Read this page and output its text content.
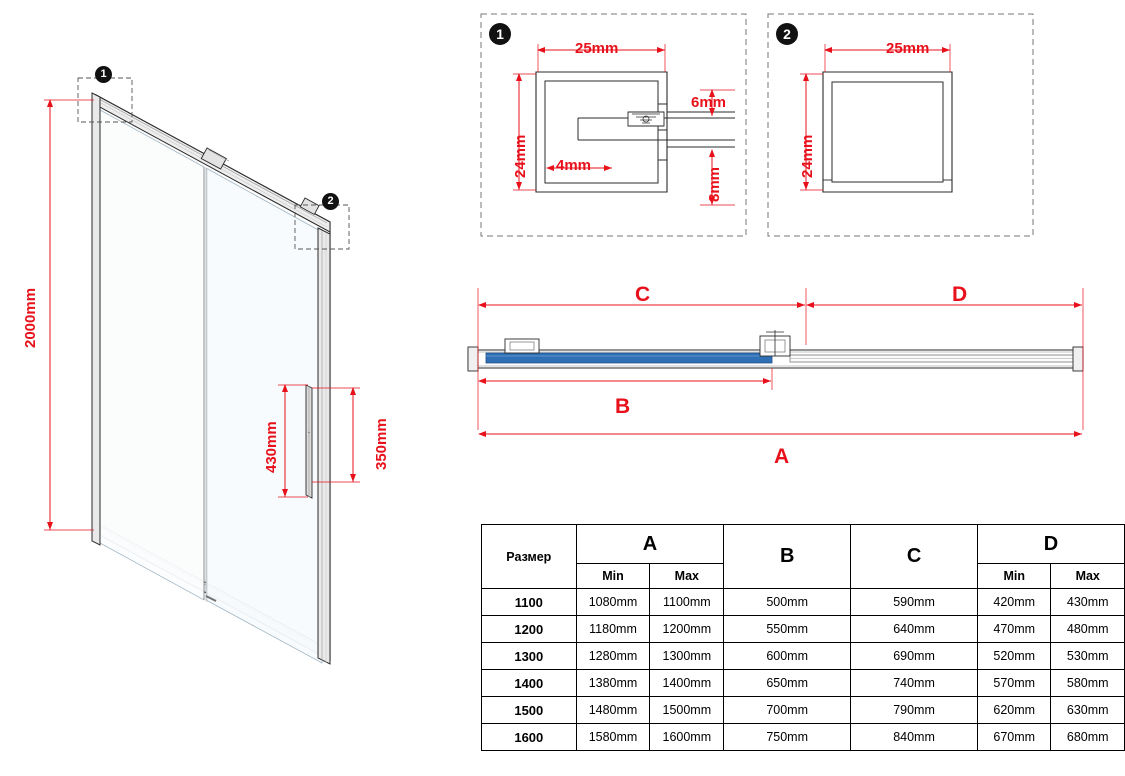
2000mm
430mm	350mm
1
2
1
25mm
24mm 4mm
6mm
8mm
2
25mm
24mm
C	D
B
A
Размер	A		B	C	D	
	Min	Max			Min	Max
1100	1080mm	1100mm	500mm	590mm	420mm	430mm
1200	1180mm	1200mm	550mm	640mm	470mm	480mm
1300	1280mm	1300mm	600mm	690mm	520mm	530mm
1400	1380mm	1400mm	650mm	740mm	570mm	580mm
1500	1480mm	1500mm	700mm	790mm	620mm	630mm
1600	1580mm	1600mm	750mm	840mm	670mm	680mm
